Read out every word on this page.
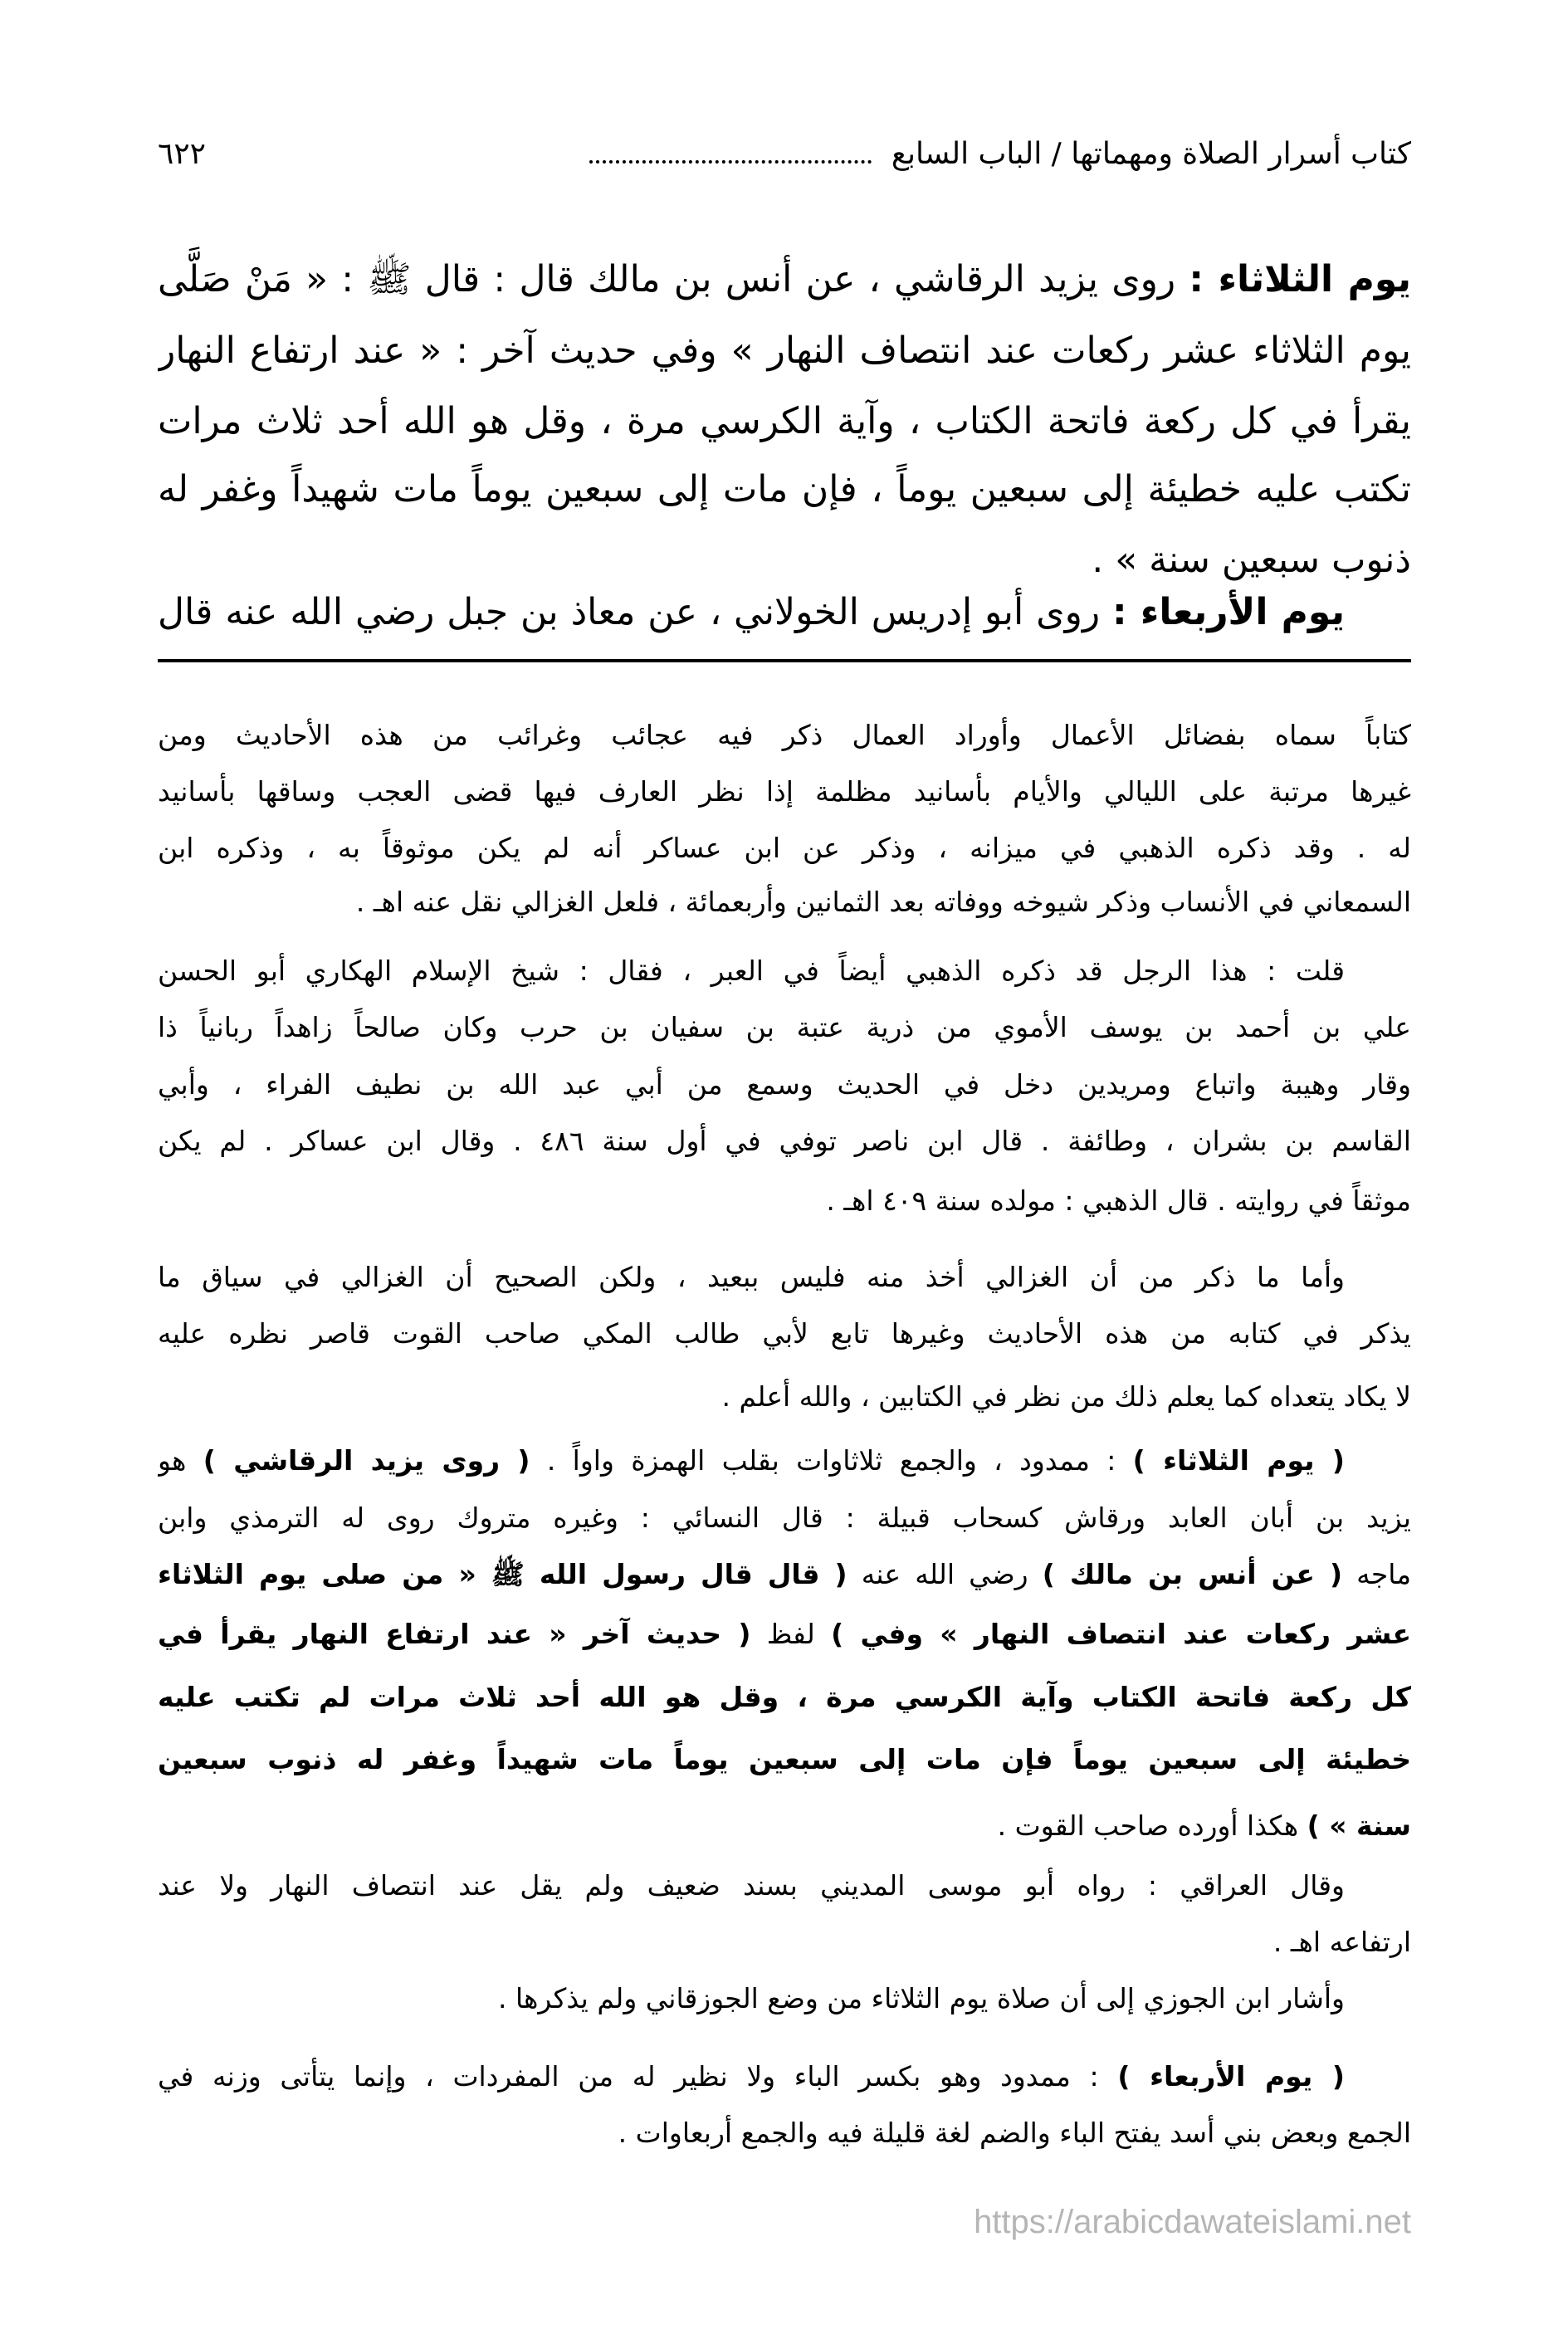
كتاب أسرار الصلاة ومهماتها / الباب السابع
٦٢٢
يوم الثلاثاء : روى يزيد الرقاشي ، عن أنس بن مالك قال : قال ﷺ : « مَنْ صَلَّى
يوم الثلاثاء عشر ركعات عند انتصاف النهار » وفي حديث آخر : « عند ارتفاع النهار
يقرأ في كل ركعة فاتحة الكتاب ، وآية الكرسي مرة ، وقل هو الله أحد ثلاث مرات
تكتب عليه خطيئة إلى سبعين يوماً ، فإن مات إلى سبعين يوماً مات شهيداً وغفر له
ذنوب سبعين سنة » .
يوم الأربعاء : روى أبو إدريس الخولاني ، عن معاذ بن جبل رضي الله عنه قال
كتاباً سماه بفضائل الأعمال وأوراد العمال ذكر فيه عجائب وغرائب من هذه الأحاديث ومن
غيرها مرتبة على الليالي والأيام بأسانيد مظلمة إذا نظر العارف فيها قضى العجب وساقها بأسانيد
له . وقد ذكره الذهبي في ميزانه ، وذكر عن ابن عساكر أنه لم يكن موثوقاً به ، وذكره ابن
السمعاني في الأنساب وذكر شيوخه ووفاته بعد الثمانين وأربعمائة ، فلعل الغزالي نقل عنه اهـ .
قلت : هذا الرجل قد ذكره الذهبي أيضاً في العبر ، فقال : شيخ الإسلام الهكاري أبو الحسن
علي بن أحمد بن يوسف الأموي من ذرية عتبة بن سفيان بن حرب وكان صالحاً زاهداً ربانياً ذا
وقار وهيبة واتباع ومريدين دخل في الحديث وسمع من أبي عبد الله بن نطيف الفراء ، وأبي
القاسم بن بشران ، وطائفة . قال ابن ناصر توفي في أول سنة ٤٨٦ . وقال ابن عساكر . لم يكن
موثقاً في روايته . قال الذهبي : مولده سنة ٤٠٩ اهـ .
وأما ما ذكر من أن الغزالي أخذ منه فليس ببعيد ، ولكن الصحيح أن الغزالي في سياق ما
يذكر في كتابه من هذه الأحاديث وغيرها تابع لأبي طالب المكي صاحب القوت قاصر نظره عليه
لا يكاد يتعداه كما يعلم ذلك من نظر في الكتابين ، والله أعلم .
( يوم الثلاثاء ) : ممدود ، والجمع ثلاثاوات بقلب الهمزة واواً . ( روى يزيد الرقاشي ) هو
يزيد بن أبان العابد ورقاش كسحاب قبيلة : قال النسائي : وغيره متروك روى له الترمذي وابن
ماجه ( عن أنس بن مالك ) رضي الله عنه ( قال قال رسول الله ﷺ « من صلى يوم الثلاثاء
عشر ركعات عند انتصاف النهار » وفي ) لفظ ( حديث آخر « عند ارتفاع النهار يقرأ في
كل ركعة فاتحة الكتاب وآية الكرسي مرة ، وقل هو الله أحد ثلاث مرات لم تكتب عليه
خطيئة إلى سبعين يوماً فإن مات إلى سبعين يوماً مات شهيداً وغفر له ذنوب سبعين
سنة » ) هكذا أورده صاحب القوت .
وقال العراقي : رواه أبو موسى المديني بسند ضعيف ولم يقل عند انتصاف النهار ولا عند
ارتفاعه اهـ .
وأشار ابن الجوزي إلى أن صلاة يوم الثلاثاء من وضع الجوزقاني ولم يذكرها .
( يوم الأربعاء ) : ممدود وهو بكسر الباء ولا نظير له من المفردات ، وإنما يتأتى وزنه في
الجمع وبعض بني أسد يفتح الباء والضم لغة قليلة فيه والجمع أربعاوات .
https://arabicdawateislami.net
